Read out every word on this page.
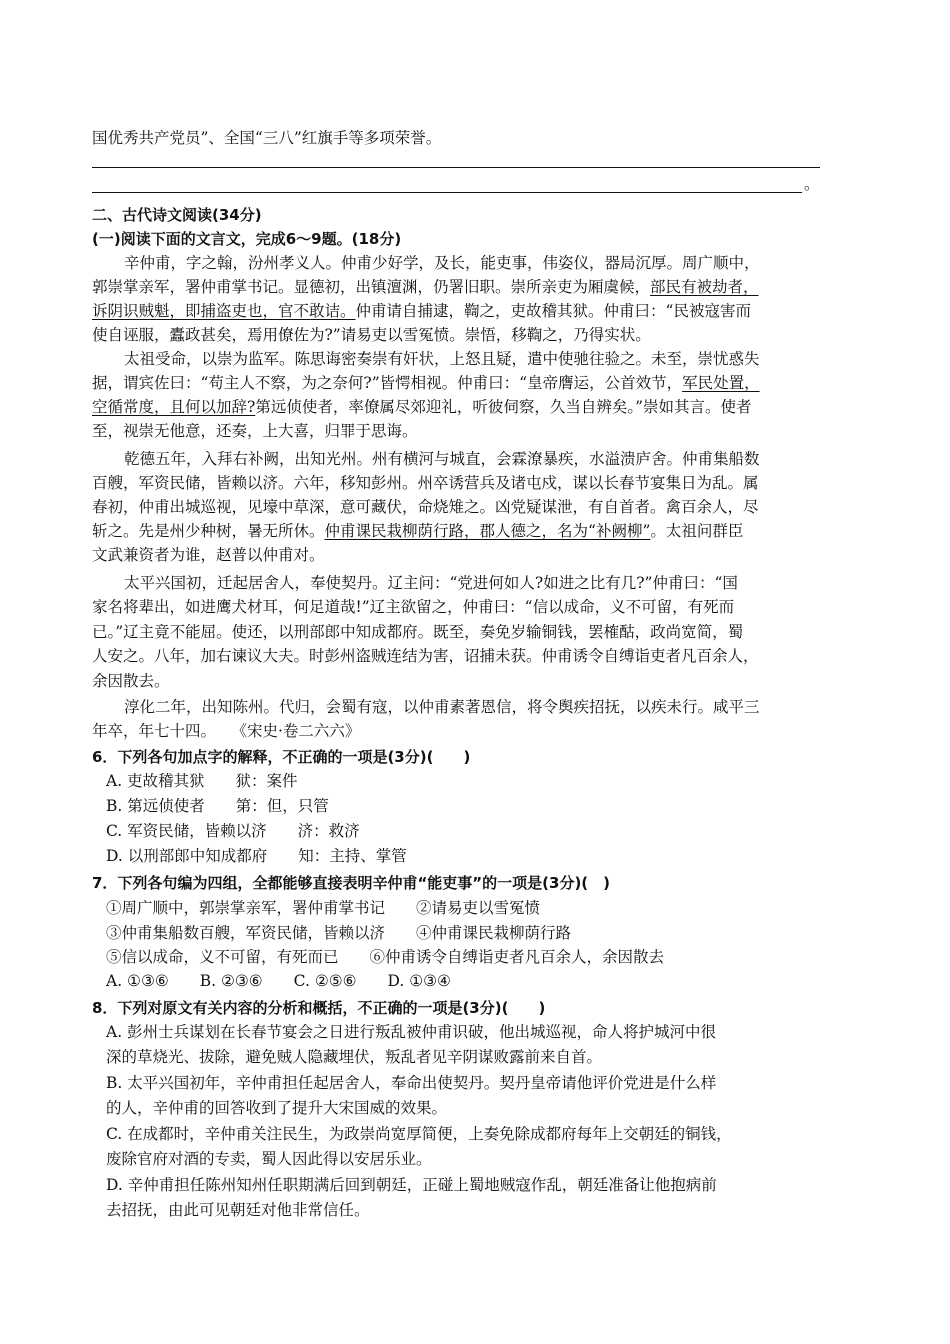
国优秀共产党员”、全国“三八”红旗手等多项荣誉。
。
二、古代诗文阅读(34分)
(一)阅读下面的文言文，完成6～9题。(18分)
辛仲甫，字之翰，汾州孝义人。仲甫少好学，及长，能吏事，伟姿仪，器局沉厚。周广顺中，
郭崇掌亲军，署仲甫掌书记。显德初，出镇澶渊，仍署旧职。崇所亲吏为厢虞候，部民有被劫者，
诉阴识贼魁，即捕盗吏也，官不敢诘。仲甫请自捕逮，鞫之，吏故稽其狱。仲甫曰：“民被寇害而
使自诬服，蠹政甚矣，焉用僚佐为?”请易吏以雪冤愤。崇悟，移鞫之，乃得实状。
太祖受命，以崇为监军。陈思诲密奏崇有奸状，上怒且疑，遣中使驰往验之。未至，崇忧惑失
据，谓宾佐曰：“苟主人不察，为之奈何?”皆愕相视。仲甫曰：“皇帝膺运，公首效节，军民处置，
空循常度，且何以加辞?第远侦使者，率僚属尽郊迎礼，听彼伺察，久当自辨矣。”崇如其言。使者
至，视崇无他意，还奏，上大喜，归罪于思诲。
乾德五年，入拜右补阙，出知光州。州有横河与城直，会霖潦暴疾，水溢溃庐舍。仲甫集船数
百艘，军资民储，皆赖以济。六年，移知彭州。州卒诱营兵及诸屯戍，谋以长春节宴集日为乱。属
春初，仲甫出城巡视，见壕中草深，意可藏伏，命烧雉之。凶党疑谋泄，有自首者。禽百余人，尽
斩之。先是州少种树，暑无所休。仲甫课民栽柳荫行路，郡人德之，名为“补阙柳”。太祖问群臣
文武兼资者为谁，赵普以仲甫对。
太平兴国初，迁起居舍人，奉使契丹。辽主问：“党进何如人?如进之比有几?”仲甫曰：“国
家名将辈出，如进鹰犬材耳，何足道哉!”辽主欲留之，仲甫曰：“信以成命，义不可留，有死而
已。”辽主竟不能屈。使还，以刑部郎中知成都府。既至，奏免岁输铜钱，罢榷酤，政尚宽简，蜀
人安之。八年，加右谏议大夫。时彭州盗贼连结为害，诏捕未获。仲甫诱令自缚诣吏者凡百余人，
余因散去。
淳化二年，出知陈州。代归，会蜀有寇，以仲甫素著恩信，将令舆疾招抚，以疾未行。咸平三
年卒，年七十四。　　《宋史·卷二六六》
6．下列各句加点字的解释，不正确的一项是(3分)(　　)
A. 吏故稽其狱　　狱：案件
B. 第远侦使者　　第：但，只管
C. 军资民储，皆赖以济　　济：救济
D. 以刑部郎中知成都府　　知：主持、掌管
7．下列各句编为四组，全都能够直接表明辛仲甫“能吏事”的一项是(3分)(　)
①周广顺中，郭崇掌亲军，署仲甫掌书记　　②请易吏以雪冤愤
③仲甫集船数百艘，军资民储，皆赖以济　　④仲甫课民栽柳荫行路
⑤信以成命，义不可留，有死而已　　⑥仲甫诱令自缚诣吏者凡百余人，余因散去
A. ①③⑥　　B. ②③⑥　　C. ②⑤⑥　　D. ①③④
8．下列对原文有关内容的分析和概括，不正确的一项是(3分)(　　)
A. 彭州士兵谋划在长春节宴会之日进行叛乱被仲甫识破，他出城巡视，命人将护城河中很
深的草烧光、拔除，避免贼人隐藏埋伏，叛乱者见辛阴谋败露前来自首。
B. 太平兴国初年，辛仲甫担任起居舍人，奉命出使契丹。契丹皇帝请他评价党进是什么样
的人，辛仲甫的回答收到了提升大宋国威的效果。
C. 在成都时，辛仲甫关注民生，为政崇尚宽厚简便，上奏免除成都府每年上交朝廷的铜钱，
废除官府对酒的专卖，蜀人因此得以安居乐业。
D. 辛仲甫担任陈州知州任职期满后回到朝廷，正碰上蜀地贼寇作乱，朝廷准备让他抱病前
去招抚，由此可见朝廷对他非常信任。
